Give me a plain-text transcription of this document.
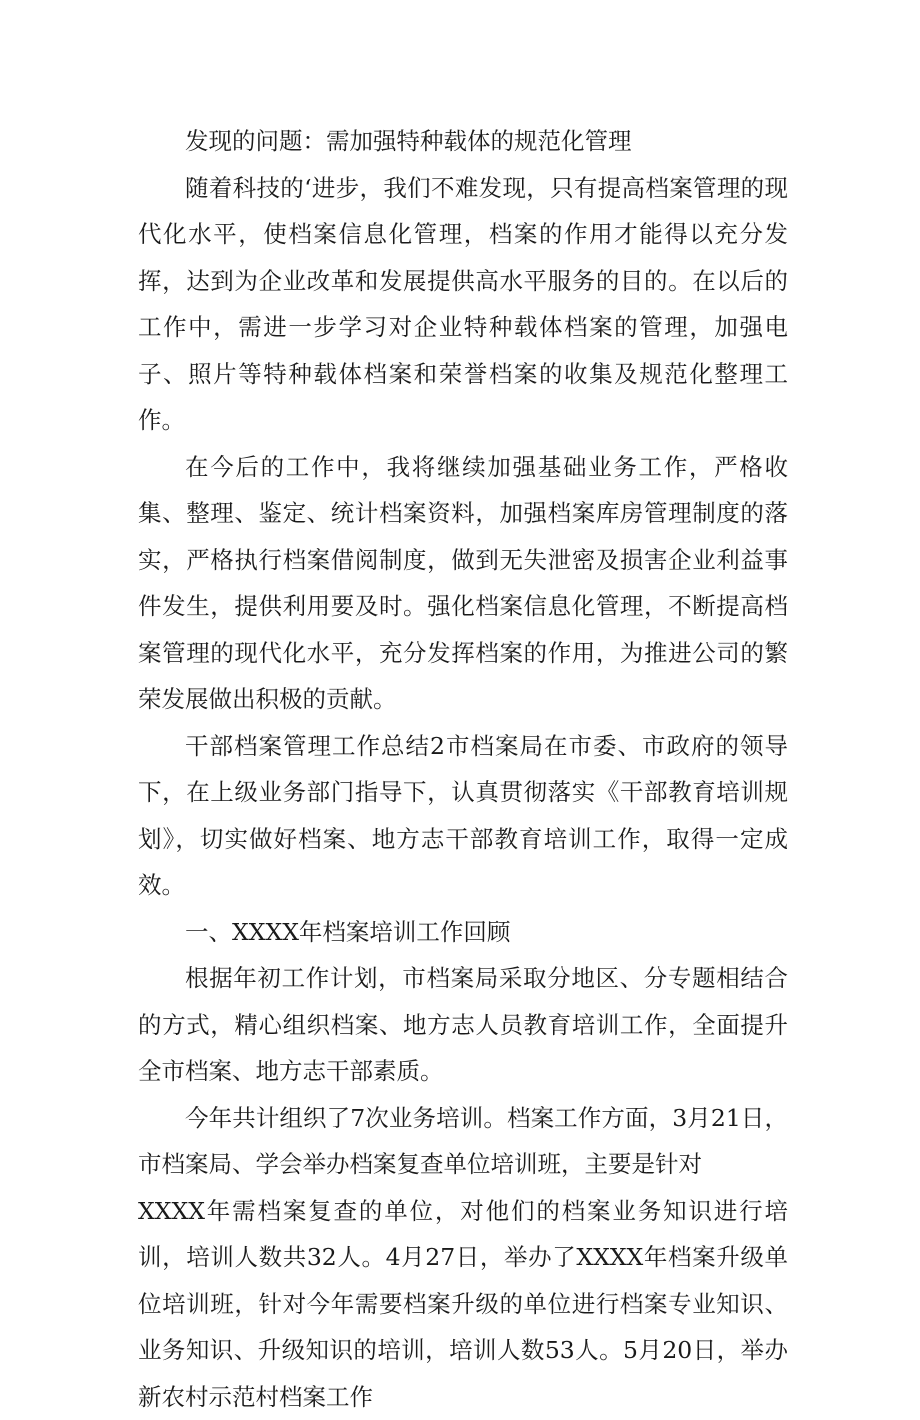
发现的问题：需加强特种载体的规范化管理

随着科技的‘进步，我们不难发现，只有提高档案管理的现代化水平，使档案信息化管理，档案的作用才能得以充分发挥，达到为企业改革和发展提供高水平服务的目的。在以后的工作中，需进一步学习对企业特种载体档案的管理，加强电子、照片等特种载体档案和荣誉档案的收集及规范化整理工作。

在今后的工作中，我将继续加强基础业务工作，严格收集、整理、鉴定、统计档案资料，加强档案库房管理制度的落实，严格执行档案借阅制度，做到无失泄密及损害企业利益事件发生，提供利用要及时。强化档案信息化管理，不断提高档案管理的现代化水平，充分发挥档案的作用，为推进公司的繁荣发展做出积极的贡献。

干部档案管理工作总结2市档案局在市委、市政府的领导下，在上级业务部门指导下，认真贯彻落实《干部教育培训规划》，切实做好档案、地方志干部教育培训工作，取得一定成效。

一、XXXX年档案培训工作回顾

根据年初工作计划，市档案局采取分地区、分专题相结合的方式，精心组织档案、地方志人员教育培训工作，全面提升全市档案、地方志干部素质。

今年共计组织了7次业务培训。档案工作方面，3月21日，市档案局、学会举办档案复查单位培训班，主要是针对

XXXX年需档案复查的单位，对他们的档案业务知识进行培训，培训人数共32人。4月27日，举办了XXXX年档案升级单位培训班，针对今年需要档案升级的单位进行档案专业知识、业务知识、升级知识的培训，培训人数53人。5月20日，举办新农村示范村档案工作
